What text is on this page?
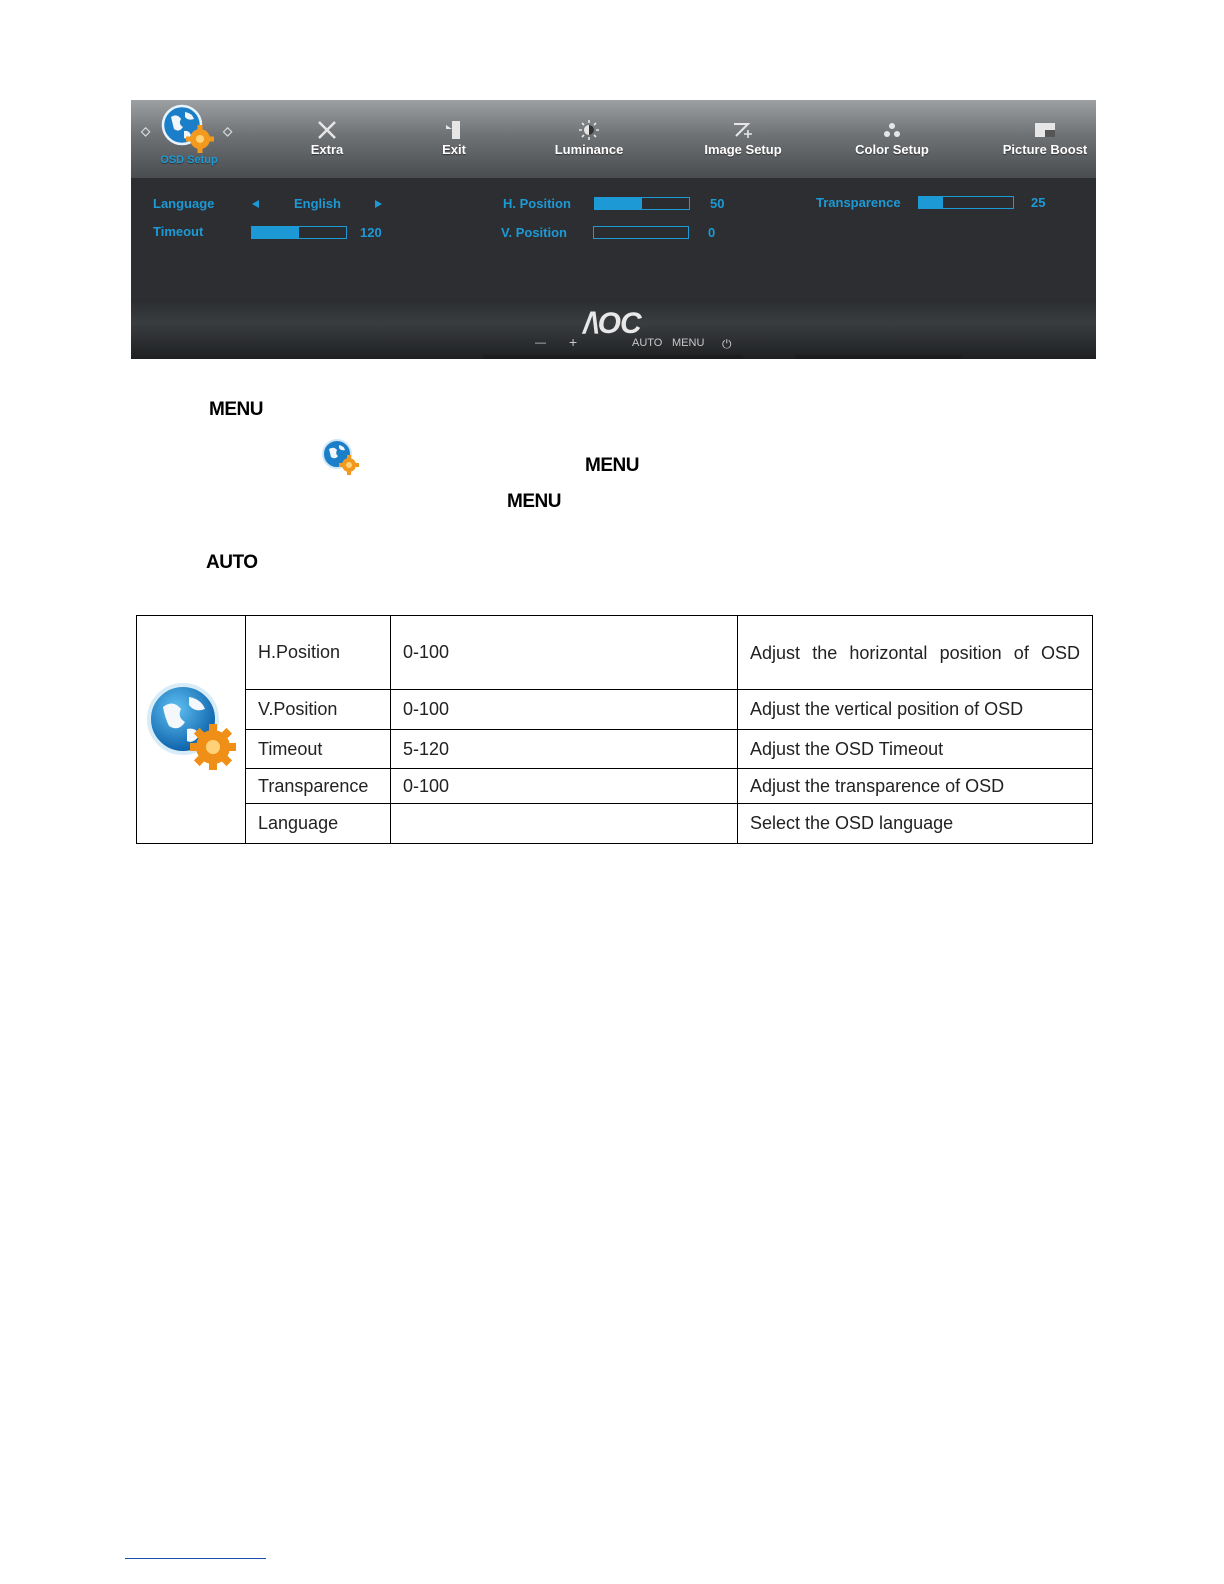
◇	◇
OSD Setup
Extra	Exit	Luminance	Image Setup	Color Setup	Picture Boost
Language	English
Timeout	120
H. Position	50
V. Position	0
Transparence	25
/\OC
— +	AUTO MENU ⏻
MENU
MENU
MENU
AUTO
	H.Position	0-100	Adjust the horizontal position of OSD
	V.Position	0-100	Adjust the vertical position of OSD
	Timeout	5-120	Adjust the OSD Timeout
	Transparence	0-100	Adjust the transparence of OSD
	Language		Select the OSD language
